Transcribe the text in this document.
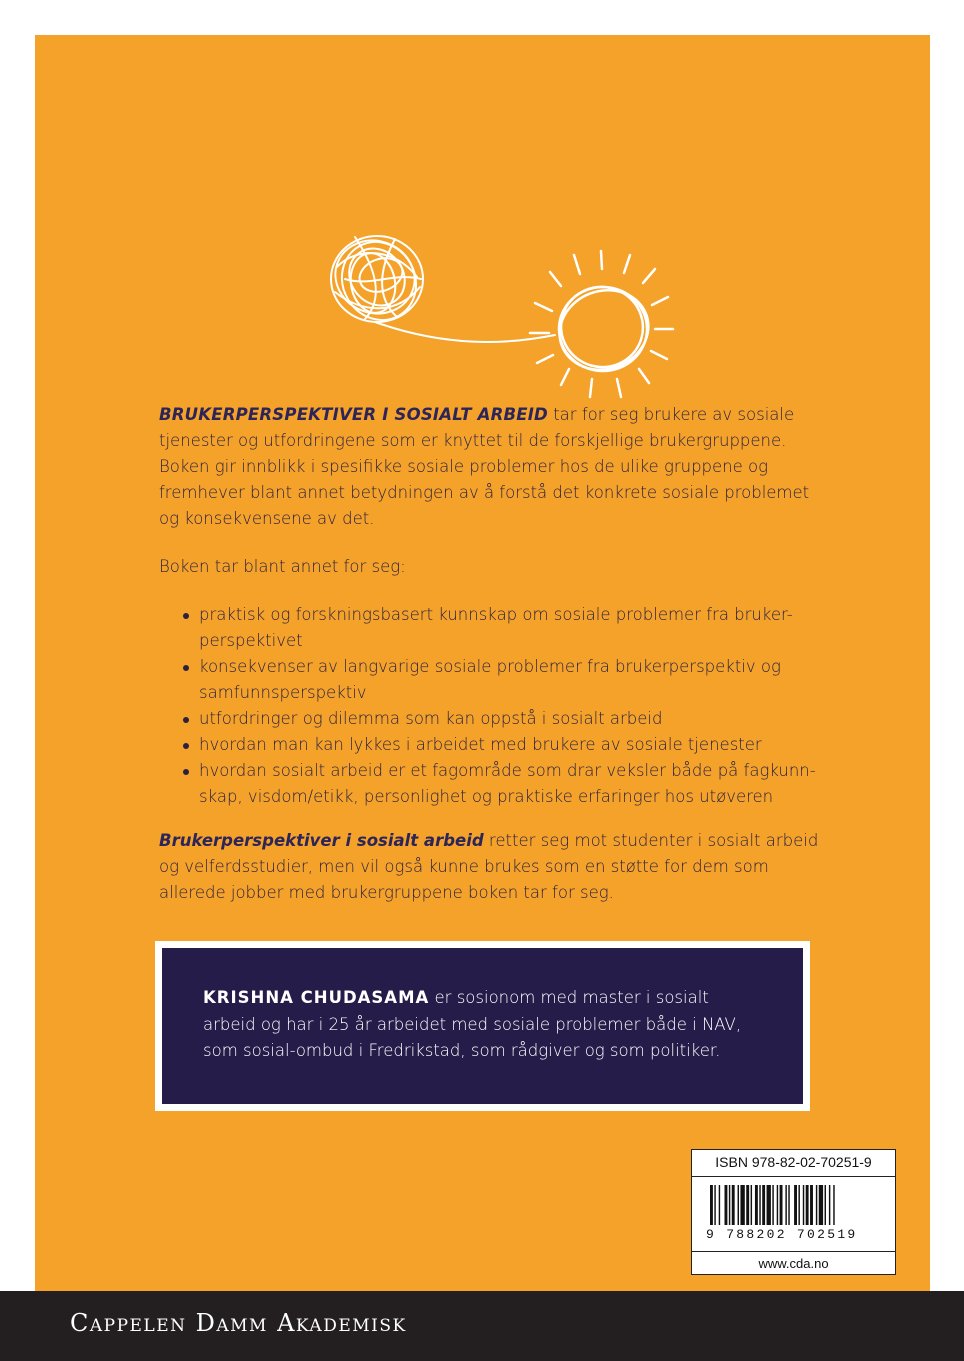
BRUKERPERSPEKTIVER I SOSIALT ARBEID tar for seg brukere av sosiale tjenester og utfordringene som er knyttet til de forskjellige brukergruppene. Boken gir innblikk i spesifikke sosiale problemer hos de ulike gruppene og fremhever blant annet betydningen av å forstå det konkrete sosiale problemet og konsekvensene av det.

Boken tar blant annet for seg:

praktisk og forskningsbasert kunnskap om sosiale problemer fra bruker-perspektivet
konsekvenser av langvarige sosiale problemer fra brukerperspektiv og samfunnsperspektiv
utfordringer og dilemma som kan oppstå i sosialt arbeid
hvordan man kan lykkes i arbeidet med brukere av sosiale tjenester
hvordan sosialt arbeid er et fagområde som drar veksler både på fagkunn-skap, visdom/etikk, personlighet og praktiske erfaringer hos utøveren

Brukerperspektiver i sosialt arbeid retter seg mot studenter i sosialt arbeid og velferdsstudier, men vil også kunne brukes som en støtte for dem som allerede jobber med brukergruppene boken tar for seg.

KRISHNA CHUDASAMA er sosionom med master i sosialt arbeid og har i 25 år arbeidet med sosiale problemer både i NAV, som sosial-ombud i Fredrikstad, som rådgiver og som politiker.
ISBN 978-82-02-70251-9
9 788202 702519
www.cda.no
Cappelen Damm Akademisk
